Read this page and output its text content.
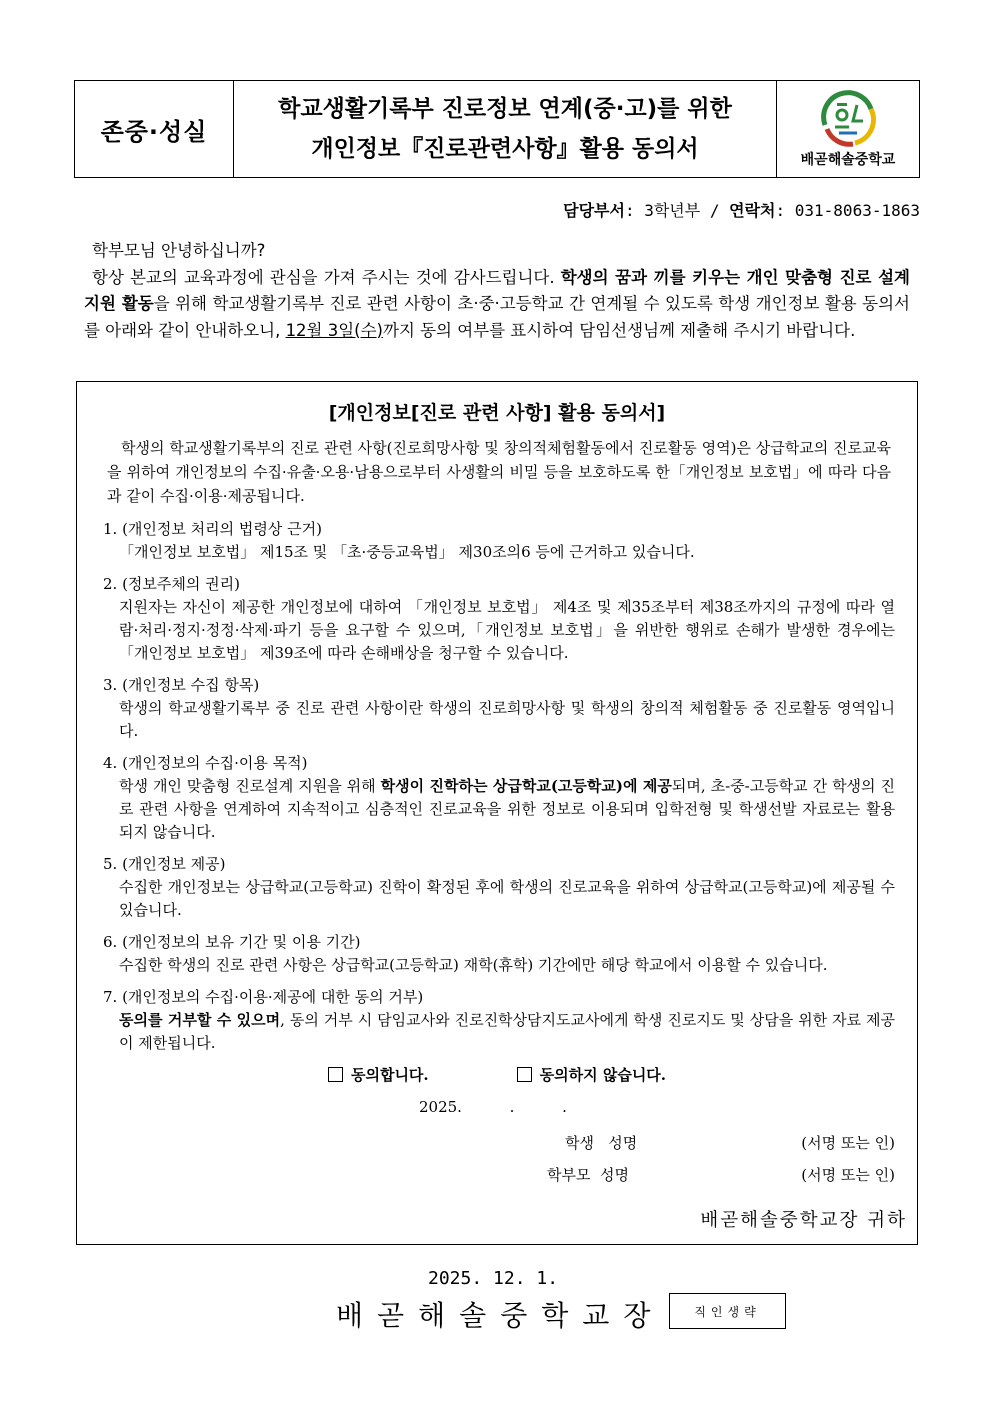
존중·성실
학교생활기록부 진로정보 연계(중·고)를 위한
개인정보『진로관련사항』활용 동의서	배곧해솔중학교
담당부서: 3학년부 / 연락처: 031-8063-1863

학부모님 안녕하십니까?

항상 본교의 교육과정에 관심을 가져 주시는 것에 감사드립니다. 학생의 꿈과 끼를 키우는 개인 맞춤형 진로 설계 지원 활동을 위해 학교생활기록부 진로 관련 사항이 초·중·고등학교 간 연계될 수 있도록 학생 개인정보 활용 동의서를 아래와 같이 안내하오니, 12월 3일(수)까지 동의 여부를 표시하여 담임선생님께 제출해 주시기 바랍니다.

[개인정보[진로 관련 사항] 활용 동의서]
학생의 학교생활기록부의 진로 관련 사항(진로희망사항 및 창의적체험활동에서 진로활동 영역)은 상급학교의 진로교육을 위하여 개인정보의 수집·유출·오용·남용으로부터 사생활의 비밀 등을 보호하도록 한「개인정보 보호법」에 따라 다음과 같이 수집·이용·제공됩니다.
1. (개인정보 처리의 법령상 근거)
「개인정보 보호법」 제15조 및 「초·중등교육법」 제30조의6 등에 근거하고 있습니다.
2. (정보주체의 권리)
지원자는 자신이 제공한 개인정보에 대하여 「개인정보 보호법」 제4조 및 제35조부터 제38조까지의 규정에 따라 열람·처리·정지·정정·삭제·파기 등을 요구할 수 있으며,「개인정보 보호법」을 위반한 행위로 손해가 발생한 경우에는 「개인정보 보호법」 제39조에 따라 손해배상을 청구할 수 있습니다.
3. (개인정보 수집 항목)
학생의 학교생활기록부 중 진로 관련 사항이란 학생의 진로희망사항 및 학생의 창의적 체험활동 중 진로활동 영역입니다.
4. (개인정보의 수집·이용 목적)
학생 개인 맞춤형 진로설계 지원을 위해 학생이 진학하는 상급학교(고등학교)에 제공되며, 초-중-고등학교 간 학생의 진로 관련 사항을 연계하여 지속적이고 심층적인 진로교육을 위한 정보로 이용되며 입학전형 및 학생선발 자료로는 활용되지 않습니다.
5. (개인정보 제공)
수집한 개인정보는 상급학교(고등학교) 진학이 확정된 후에 학생의 진로교육을 위하여 상급학교(고등학교)에 제공될 수 있습니다.
6. (개인정보의 보유 기간 및 이용 기간)
수집한 학생의 진로 관련 사항은 상급학교(고등학교) 재학(휴학) 기간에만 해당 학교에서 이용할 수 있습니다.
7. (개인정보의 수집·이용·제공에 대한 동의 거부)
동의를 거부할 수 있으며, 동의 거부 시 담임교사와 진로진학상담지도교사에게 학생 진로지도 및 상담을 위한 자료 제공이 제한됩니다.
동의합니다.	동의하지 않습니다.
2025.          .          .
학생   성명	(서명 또는 인)
학부모  성명	(서명 또는 인)
배곧해솔중학교장 귀하
2025. 12. 1.
배곧해솔중학교장	직인생략
